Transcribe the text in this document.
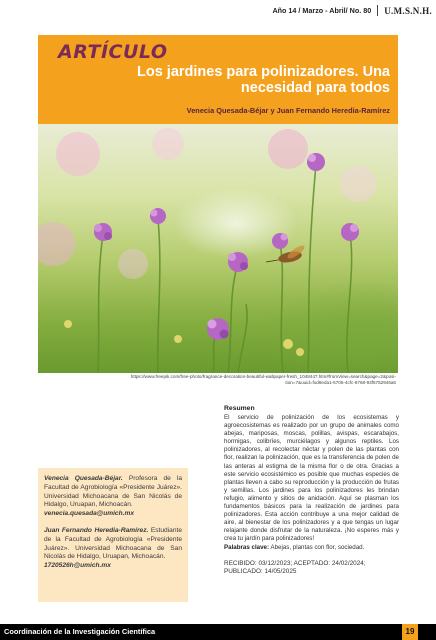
Año 14 / Marzo - Abril/ No. 80 U.M.S.N.H.
ARTÍCULO
Los jardines para polinizadores. Una necesidad para todos
Venecia Quesada-Béjar y Juan Fernando Heredia-Ramírez
https://www.freepik.com/free-photo/fragrance-decoration-beautiful-wallpaper-fresh_1048447.htm#fromView=search&page=2&posi-
tion=7&uuid=fod8eda1-5705-4cfc-8768-93f5752946a6

Venecia Quesada-Béjar. Profesora de la Facultad de Agrobiología «Presidente Juárez». Universidad Michoacana de San Nicolás de Hidalgo, Uruapan, Michoacán.
venecia.quesada@umich.mx

Juan Fernando Heredia-Ramírez. Estudiante de la Facultad de Agrobiología «Presidente Juárez». Universidad Michoacana de San Nicolás de Hidalgo, Uruapan, Michoacán.
1720526h@umich.mx

Resumen
El servicio de polinización de los ecosistemas y agroecosistemas es realizado por un grupo de animales como abejas, mariposas, moscas, polillas, avispas, escarabajos, hormigas, colibríes, murciélagos y algunos reptiles. Los polinizadores, al recolectar néctar y polen de las plantas con flor, realizan la polinización, que es la transferencia de polen de las anteras al estigma de la misma flor o de otra. Gracias a este servicio ecosistémico es posible que muchas especies de plantas lleven a cabo su reproducción y la producción de frutas y semillas. Los jardines para los polinizadores les brindan refugio, alimento y sitios de anidación. Aquí se plasman los fundamentos básicos para la realización de jardines para polinizadores. Esta acción contribuye a una mejor calidad de aire, al bienestar de los polinizadores y a que tengas un lugar relajante donde disfrutar de la naturaleza. ¡No esperes más y crea tu jardín para polinizadores!
Palabras clave: Abejas, plantas con flor, sociedad.
RECIBIDO: 03/12/2023; ACEPTADO: 24/02/2024;
PUBLICADO: 14/05/2025
Coordinación de la Investigación Científica	19
